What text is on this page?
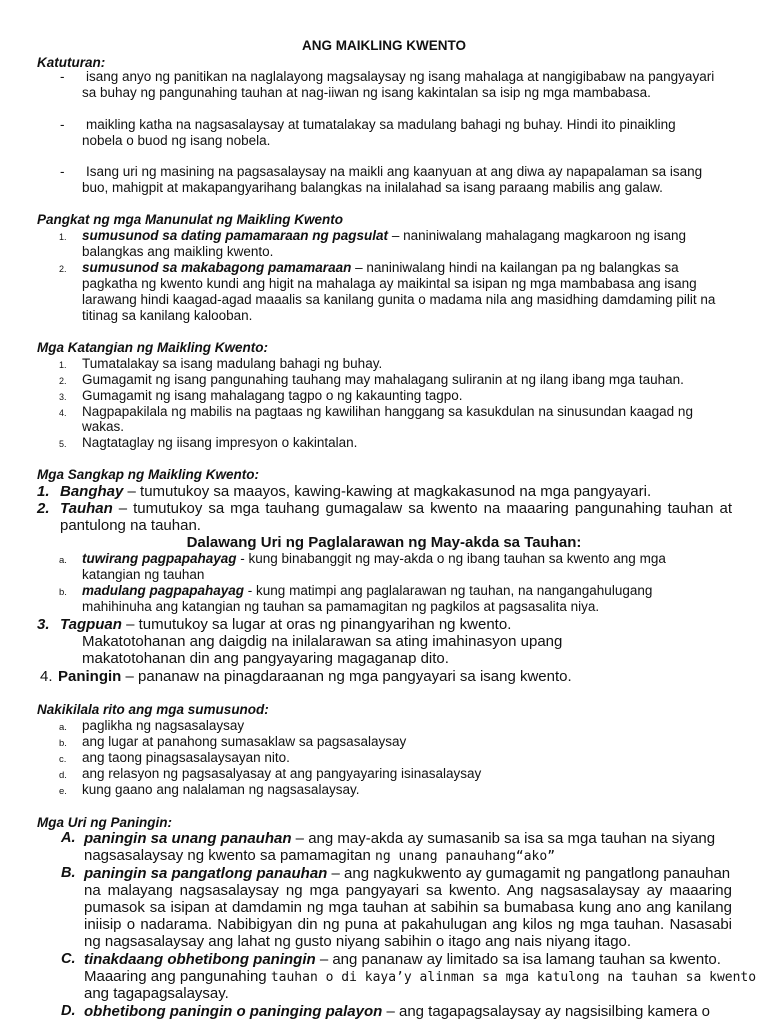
ANG MAIKLING KWENTO
Katuturan:
- isang anyo ng panitikan na naglalayong magsalaysay ng isang mahalaga at nangigibabaw na pangyayari
sa buhay ng pangunahing tauhan at nag-iiwan ng isang kakintalan sa isip ng mga mambabasa.
- maikling katha na nagsasalaysay at tumatalakay sa madulang bahagi ng buhay. Hindi ito pinaikling
nobela o buod ng isang nobela.
- Isang uri ng masining na pagsasalaysay na maikli ang kaanyuan at ang diwa ay napapalaman sa isang
buo, mahigpit at makapangyarihang balangkas na inilalahad sa isang paraang mabilis ang galaw.
Pangkat ng mga Manunulat ng Maikling Kwento
1. sumusunod sa dating pamamaraan ng pagsulat – naniniwalang mahalagang magkaroon ng isang
balangkas ang maikling kwento.
2. sumusunod sa makabagong pamamaraan – naniniwalang hindi na kailangan pa ng balangkas sa
pagkatha ng kwento kundi ang higit na mahalaga ay maikintal sa isipan ng mga mambabasa ang isang
larawang hindi kaagad-agad maaalis sa kanilang gunita o madama nila ang masidhing damdaming pilit na
titinag sa kanilang kalooban.
Mga Katangian ng Maikling Kwento:
1. Tumatalakay sa isang madulang bahagi ng buhay.
2. Gumagamit ng isang pangunahing tauhang may mahalagang suliranin at ng ilang ibang mga tauhan.
3. Gumagamit ng isang mahalagang tagpo o ng kakaunting tagpo.
4. Nagpapakilala ng mabilis na pagtaas ng kawilihan hanggang sa kasukdulan na sinusundan kaagad ng
wakas.
5. Nagtataglay ng iisang impresyon o kakintalan.
Mga Sangkap ng Maikling Kwento:
1. Banghay – tumutukoy sa maayos, kawing-kawing at magkakasunod na mga pangyayari.
2. Tauhan – tumutukoy sa mga tauhang gumagalaw sa kwento na maaaring pangunahing tauhan at
pantulong na tauhan.
Dalawang Uri ng Paglalarawan ng May-akda sa Tauhan:
a. tuwirang pagpapahayag - kung binabanggit ng may-akda o ng ibang tauhan sa kwento ang mga
katangian ng tauhan
b. madulang pagpapahayag - kung matimpi ang paglalarawan ng tauhan, na nangangahulugang
mahihinuha ang katangian ng tauhan sa pamamagitan ng pagkilos at pagsasalita niya.
3. Tagpuan – tumutukoy sa lugar at oras ng pinangyarihan ng kwento.
Makatotohanan ang daigdig na inilalarawan sa ating imahinasyon upang
makatotohanan din ang pangyayaring magaganap dito.
4. Paningin – pananaw na pinagdaraanan ng mga pangyayari sa isang kwento.
Nakikilala rito ang mga sumusunod:
a. paglikha ng nagsasalaysay
b. ang lugar at panahong sumasaklaw sa pagsasalaysay
c. ang taong pinagsasalaysayan nito.
d. ang relasyon ng pagsasalyasay at ang pangyayaring isinasalaysay
e. kung gaano ang nalalaman ng nagsasalaysay.
Mga Uri ng Paningin:
A. paningin sa unang panauhan – ang may-akda ay sumasanib sa isa sa mga tauhan na siyang
nagsasalaysay ng kwento sa pamamagitan ng unang panauhang“ako”
B. paningin sa pangatlong panauhan – ang nagkukwento ay gumagamit ng pangatlong panauhan
na malayang nagsasalaysay ng mga pangyayari sa kwento. Ang nagsasalaysay ay maaaring
pumasok sa isipan at damdamin ng mga tauhan at sabihin sa bumabasa kung ano ang kanilang
iniisip o nadarama. Nabibigyan din ng puna at pakahulugan ang kilos ng mga tauhan. Nasasabi
ng nagsasalaysay ang lahat ng gusto niyang sabihin o itago ang nais niyang itago.
C. tinakdaang obhetibong paningin – ang pananaw ay limitado sa isa lamang tauhan sa kwento.
Maaaring ang pangunahing tauhan o di kaya’y alinman sa mga katulong na tauhan sa kwento
ang tagapagsalaysay.
D. obhetibong paningin o paninging palayon – ang tagapagsalaysay ay nagsisilbing kamera o
